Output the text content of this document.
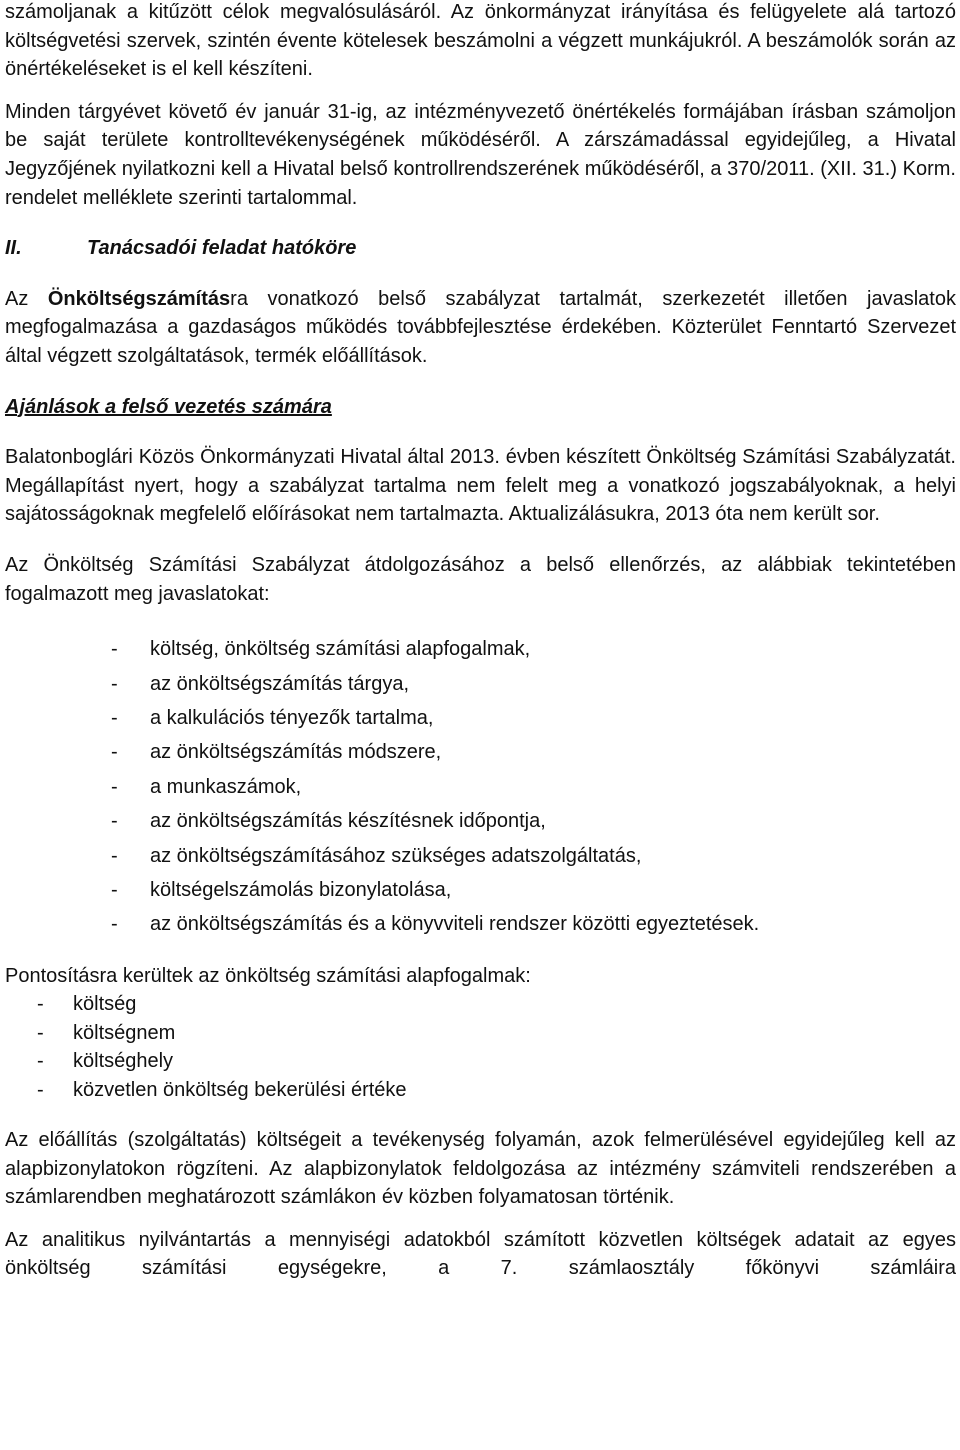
számoljanak a kitűzött célok megvalósulásáról. Az önkormányzat irányítása és felügyelete alá tartozó költségvetési szervek, szintén évente kötelesek beszámolni a végzett munkájukról. A beszámolók során az önértékeléseket is el kell készíteni.

Minden tárgyévet követő év január 31-ig, az intézményvezető önértékelés formájában írásban számoljon be saját területe kontrolltevékenységének működéséről. A zárszámadással egyidejűleg, a Hivatal Jegyzőjének nyilatkozni kell a Hivatal belső kontrollrendszerének működéséről, a 370/2011. (XII. 31.) Korm. rendelet melléklete szerinti tartalommal.

II.	Tanácsadói feladat hatóköre

Az Önköltségszámításra vonatkozó belső szabályzat tartalmát, szerkezetét illetően javaslatok megfogalmazása a gazdaságos működés továbbfejlesztése érdekében. Közterület Fenntartó Szervezet által végzett szolgáltatások, termék előállítások.

Ajánlások a felső vezetés számára

Balatonboglári Közös Önkormányzati Hivatal által 2013. évben készített Önköltség Számítási Szabályzatát. Megállapítást nyert, hogy a szabályzat tartalma nem felelt meg a vonatkozó jogszabályoknak, a helyi sajátosságoknak megfelelő előírásokat nem tartalmazta. Aktualizálásukra, 2013 óta nem került sor.

Az Önköltség Számítási Szabályzat átdolgozásához a belső ellenőrzés, az alábbiak tekintetében fogalmazott meg javaslatokat:

- költség, önköltség számítási alapfogalmak,
- az önköltségszámítás tárgya,
- a kalkulációs tényezők tartalma,
- az önköltségszámítás módszere,
- a munkaszámok,
- az önköltségszámítás készítésnek időpontja,
- az önköltségszámításához szükséges adatszolgáltatás,
- költségelszámolás bizonylatolása,
- az önköltségszámítás és a könyvviteli rendszer közötti egyeztetések.

Pontosításra kerültek az önköltség számítási alapfogalmak:

- költség
- költségnem
- költséghely
- közvetlen önköltség bekerülési értéke

Az előállítás (szolgáltatás) költségeit a tevékenység folyamán, azok felmerülésével egyidejűleg kell az alapbizonylatokon rögzíteni. Az alapbizonylatok feldolgozása az intézmény számviteli rendszerében a számlarendben meghatározott számlákon év közben folyamatosan történik.

Az analitikus nyilvántartás a mennyiségi adatokból számított közvetlen költségek adatait az egyes önköltség számítási egységekre, a 7. számlaosztály főkönyvi számláira
